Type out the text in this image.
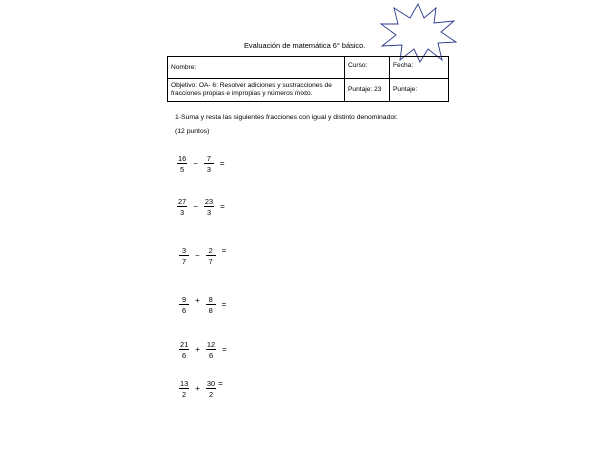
Evaluación de matemática 6° básico.
Nombre:	Curso:	Fecha:
Objetivo: OA- 6: Resolver adiciones y sustracciones de fracciones propias e impropias y números mixto.	Puntaje: 23	Puntaje:
1-Suma y resta las siguientes fracciones con igual y distinto denominador.
(12 puntos)
$\frac{16}{5} - \frac{7}{3}$ =
$\frac{27}{3} - \frac{23}{3}$ =
$\frac{3}{7} - \frac{2}{7}$ =
$\frac{9}{6} + \frac{8}{8}$ =
$\frac{21}{6} + \frac{12}{6}$ =
$\frac{13}{2} + \frac{30}{2}$ =
